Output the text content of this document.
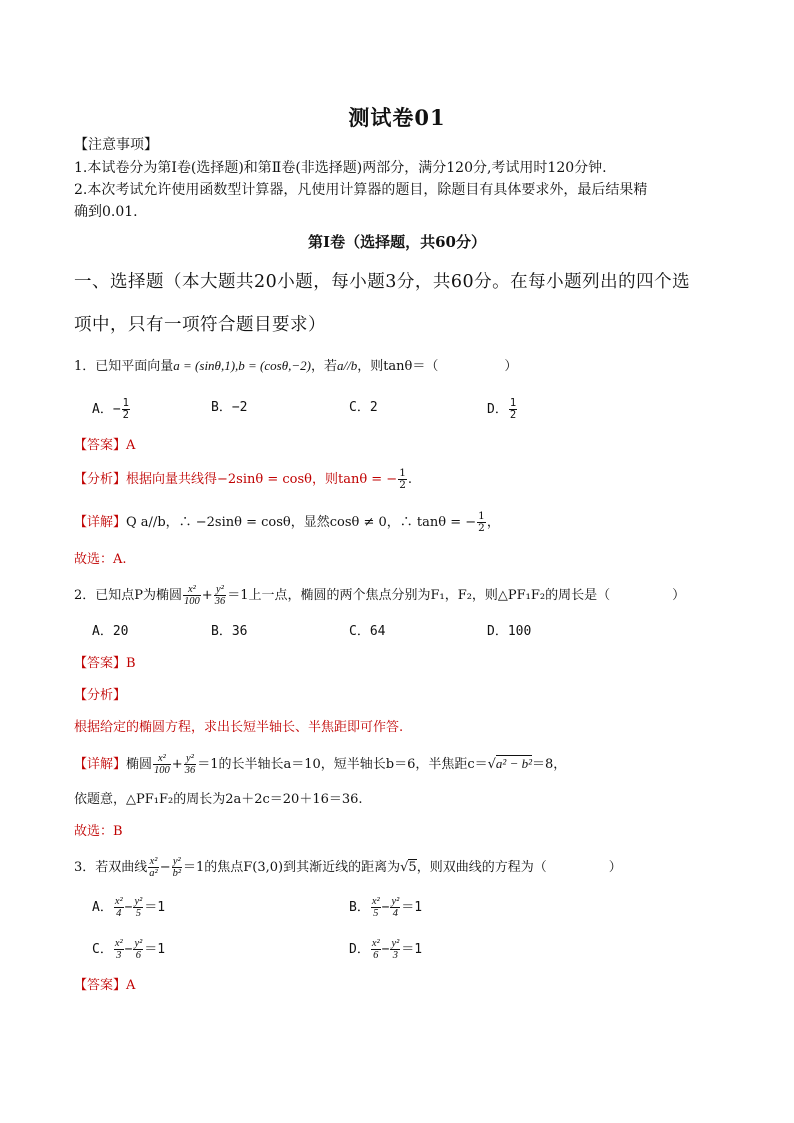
测试卷01
【注意事项】
1.本试卷分为第Ⅰ卷(选择题)和第Ⅱ卷(非选择题)两部分，满分120分,考试用时120分钟.
2.本次考试允许使用函数型计算器，凡使用计算器的题目，除题目有具体要求外，最后结果精
确到0.01.
第Ⅰ卷（选择题，共60分）
一、选择题（本大题共20小题，每小题3分，共60分。在每小题列出的四个选
项中，只有一项符合题目要求）
1．已知平面向量a = (sinθ,1),b = (cosθ,−2)，若a//b，则tanθ＝（	）
A．− $\frac{1}{2}$	B．−2	C．2	D． $\frac{1}{2}$
【答案】A
【分析】根据向量共线得−2sinθ = cosθ，则tanθ = − $\frac{1}{2}$ .
【详解】Q a//b，∴ −2sinθ = cosθ，显然cosθ ≠ 0，∴ tanθ = − $\frac{1}{2}$ ，
故选：A.
2．已知点P为椭圆 $\frac{\text{x²}}{100} + \frac{\text{y²}}{36} =1$上一点，椭圆的两个焦点分别为F₁，F₂，则△PF₁F₂的周长是（	）
A．20	B．36	C．64	D．100
【答案】B
【分析】
根据给定的椭圆方程，求出长短半轴长、半焦距即可作答.
【详解】椭圆 $\frac{\text{x²}}{100} + \frac{\text{y²}}{36} =1$的长半轴长a＝10，短半轴长b＝6，半焦距c＝√a² − b²＝8，
依题意，△PF₁F₂的周长为2a＋2c＝20＋16＝36.
故选：B
3．若双曲线 $\frac{\text{x²}}{\text{a²}} - \frac{\text{y²}}{\text{b²}} =1$的焦点F(3,0)到其渐近线的距离为√5，则双曲线的方程为（	）
A． $\frac{\text{x²}}{4} - \frac{\text{y²}}{5} =1$	B． $\frac{\text{x²}}{5} - \frac{\text{y²}}{4} =1$
C． $\frac{\text{x²}}{3} - \frac{\text{y²}}{6} =1$	D． $\frac{\text{x²}}{6} - \frac{\text{y²}}{3} =1$
【答案】A
